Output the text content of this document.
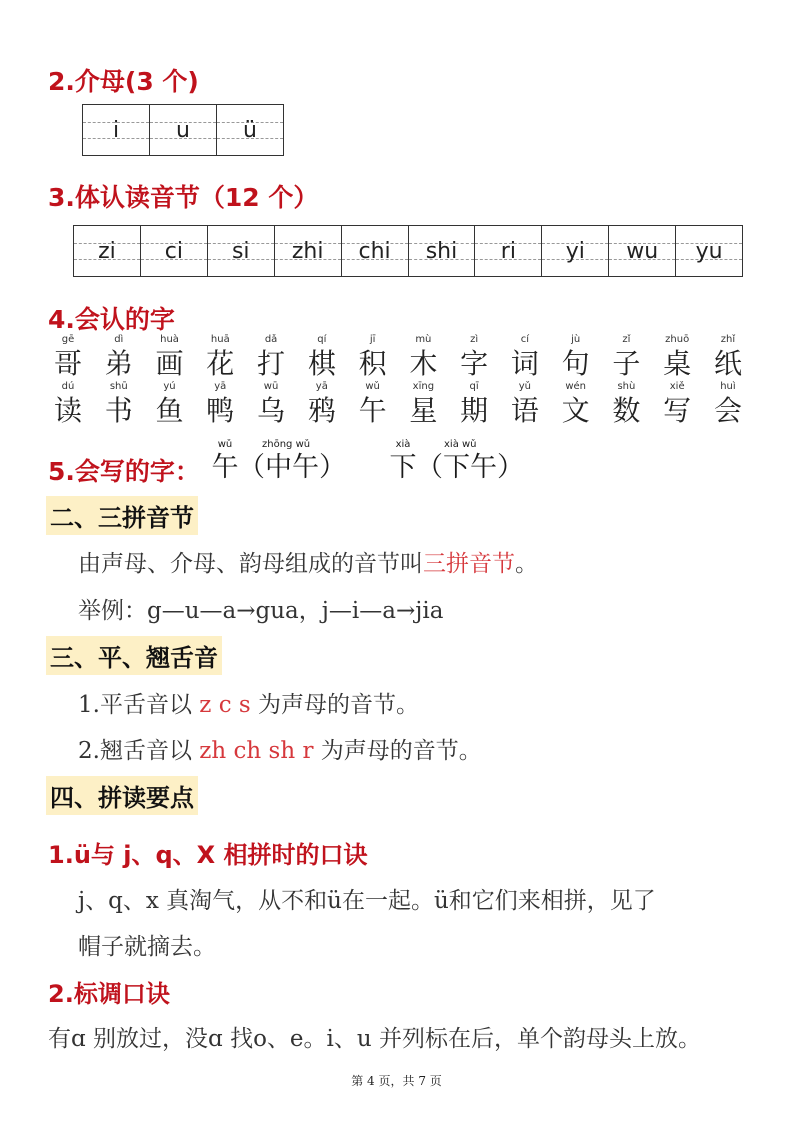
2.介母(3 个)
i	u ü
3.体认读音节（12 个）
zi ci si zhi chi shi ri yi wu yu
4.会认的字
gē
哥
dì
弟
huà
画
huā
花
dǎ
打
qí
棋
jī
积
mù
木
zì
字
cí
词
jù
句
zǐ
子
zhuō
桌
zhǐ
纸
dú
读
shū
书
yú
鱼
yā
鸭
wū
乌
yā
鸦
wǔ
午
xīng
星
qī
期
yǔ
语
wén
文
shù
数
xiě
写
huì
会
5.会写的字：
wǔ
午
zhōng wǔ
（中午）
xià
下
xià wǔ
（下午）
二、三拼音节
由声母、介母、韵母组成的音节叫三拼音节。
举例：g—u—a→gua，j—i—a→jia
三、平、翘舌音
1.平舌音以 z c s 为声母的音节。
2.翘舌音以 zh ch sh r 为声母的音节。
四、拼读要点
1.ü与 j、q、X 相拼时的口诀
j、q、x 真淘气，从不和ü在一起。ü和它们来相拼，见了
帽子就摘去。
2.标调口诀
有ɑ 别放过，没ɑ 找o、e。i、u 并列标在后，单个韵母头上放。
第 4 页，共 7 页
